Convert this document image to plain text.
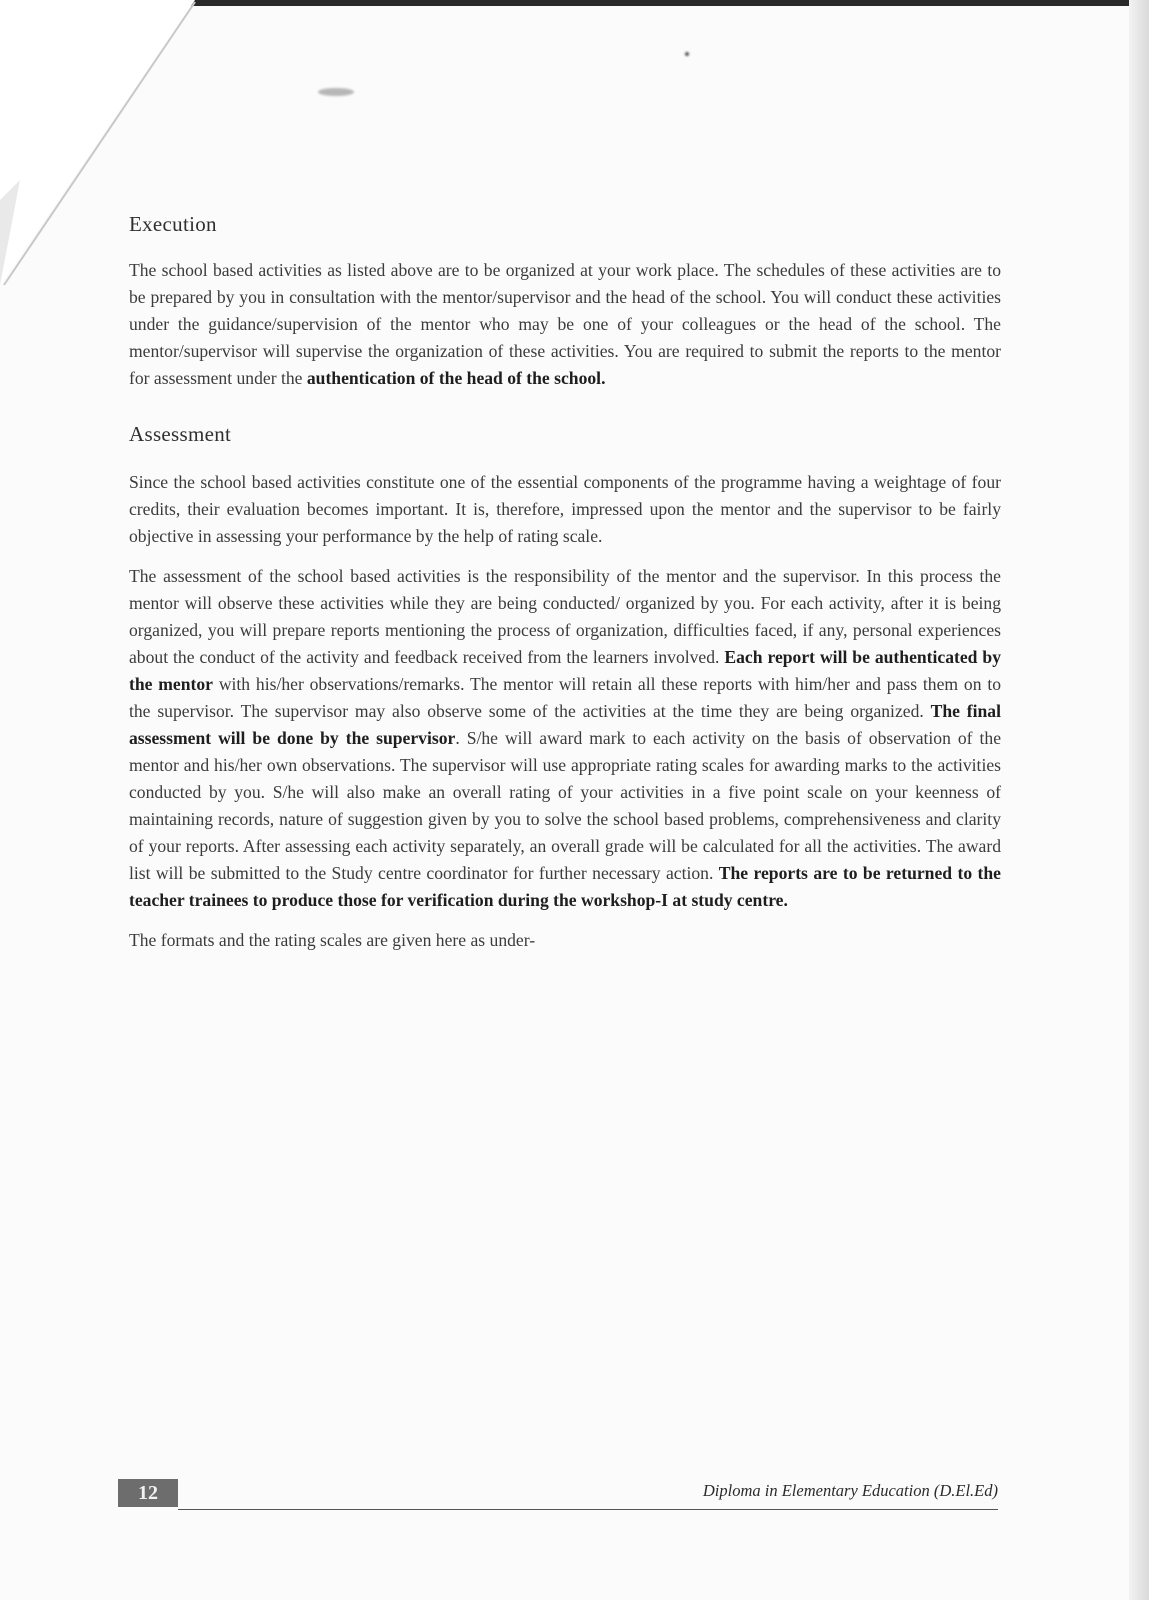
Execution

The school based activities as listed above are to be organized at your work place. The schedules of these activities are to be prepared by you in consultation with the mentor/supervisor and the head of the school. You will conduct these activities under the guidance/supervision of the mentor who may be one of your colleagues or the head of the school. The mentor/supervisor will supervise the organization of these activities. You are required to submit the reports to the mentor for assessment under the authentication of the head of the school.

Assessment

Since the school based activities constitute one of the essential components of the programme having a weightage of four credits, their evaluation becomes important. It is, therefore, impressed upon the mentor and the supervisor to be fairly objective in assessing your performance by the help of rating scale.

The assessment of the school based activities is the responsibility of the mentor and the supervisor. In this process the mentor will observe these activities while they are being conducted/ organized by you. For each activity, after it is being organized, you will prepare reports mentioning the process of organization, difficulties faced, if any, personal experiences about the conduct of the activity and feedback received from the learners involved. Each report will be authenticated by the mentor with his/her observations/remarks. The mentor will retain all these reports with him/her and pass them on to the supervisor. The supervisor may also observe some of the activities at the time they are being organized. The final assessment will be done by the supervisor. S/he will award mark to each activity on the basis of observation of the mentor and his/her own observations. The supervisor will use appropriate rating scales for awarding marks to the activities conducted by you. S/he will also make an overall rating of your activities in a five point scale on your keenness of maintaining records, nature of suggestion given by you to solve the school based problems, comprehensiveness and clarity of your reports. After assessing each activity separately, an overall grade will be calculated for all the activities. The award list will be submitted to the Study centre coordinator for further necessary action. The reports are to be returned to the teacher trainees to produce those for verification during the workshop-I at study centre.

The formats and the rating scales are given here as under-

12	Diploma in Elementary Education (D.El.Ed)
